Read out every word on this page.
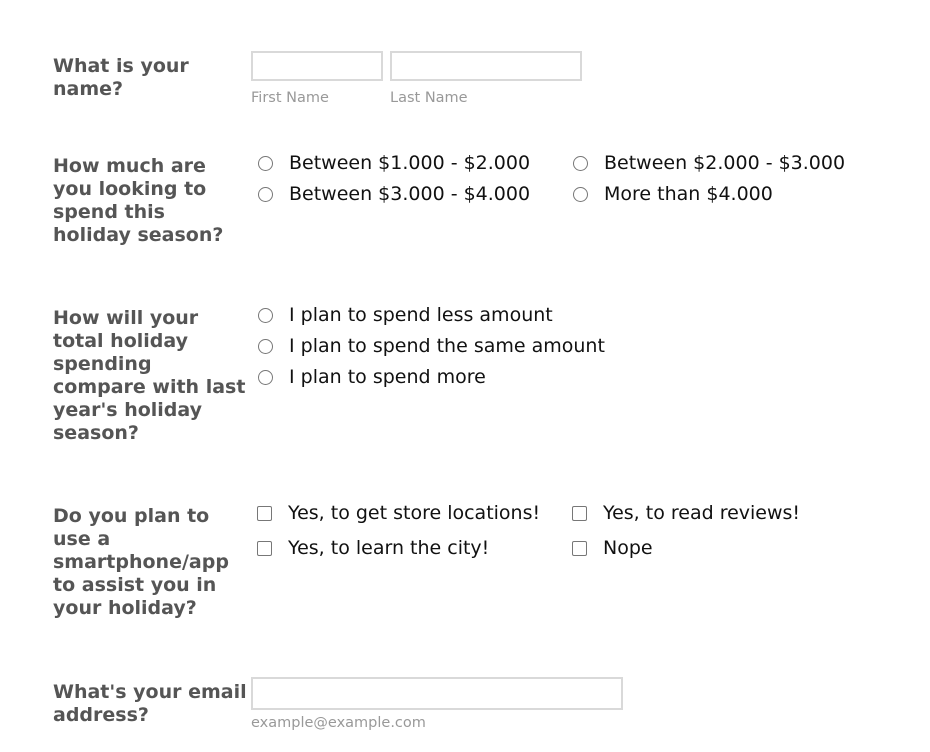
What is your name?	First Name	Last Name
How much are you looking to spend this holiday season?
Between $1.000 - $2.000	Between $2.000 - $3.000
Between $3.000 - $4.000	More than $4.000
How will your total holiday spending compare with last year's holiday season?
I plan to spend less amount
I plan to spend the same amount
I plan to spend more
Do you plan to use a smartphone/app to assist you in your holiday?
Yes, to get store locations!	Yes, to read reviews!
Yes, to learn the city!	Nope
What's your email address?	example@example.com
